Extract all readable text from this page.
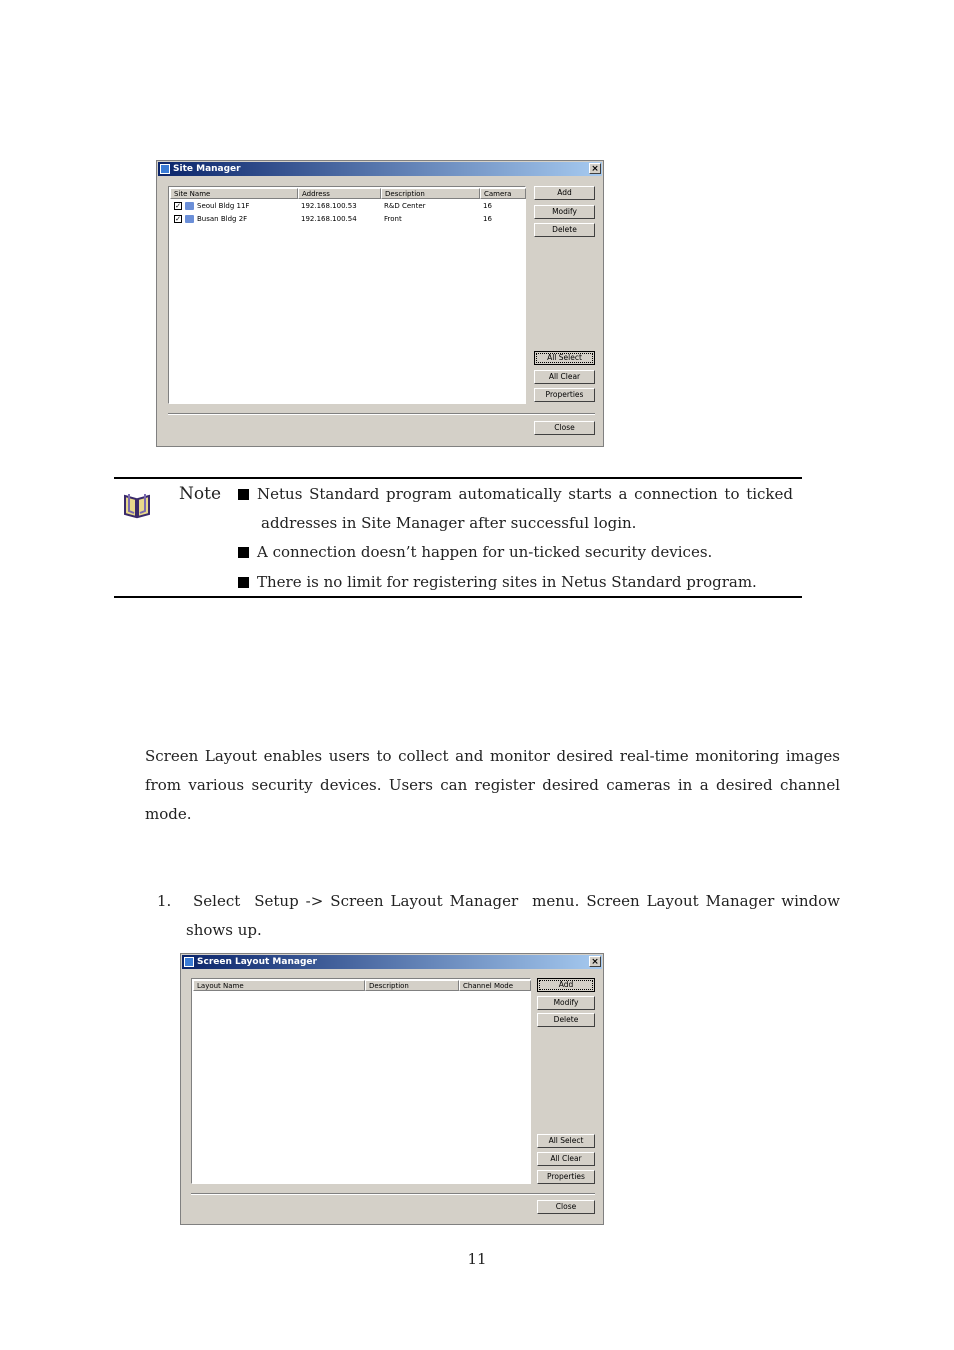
Site Manager	×
Site Name	Address	Description	Camera
✓ Seoul Bldg 11F	192.168.100.53	R&D Center	16
✓ Busan Bldg 2F	192.168.100.54	Front	16
Add
Modify
Delete
All Select
All Clear
Properties
Close
Note	Netus Standard program automatically starts a connection to ticked
addresses in Site Manager after successful login.
A connection doesn’t happen for un-ticked security devices.
There is no limit for registering sites in Netus Standard program.
Screen Layout enables users to collect and monitor desired real-time monitoring images
from various security devices. Users can register desired cameras in a desired channel
mode.
1. Select  Setup -> Screen Layout Manager  menu. Screen Layout Manager window
shows up.
Screen Layout Manager	×
Layout Name	Description	Channel Mode	Add
Modify
Delete
All Select
All Clear
Properties
Close
11
